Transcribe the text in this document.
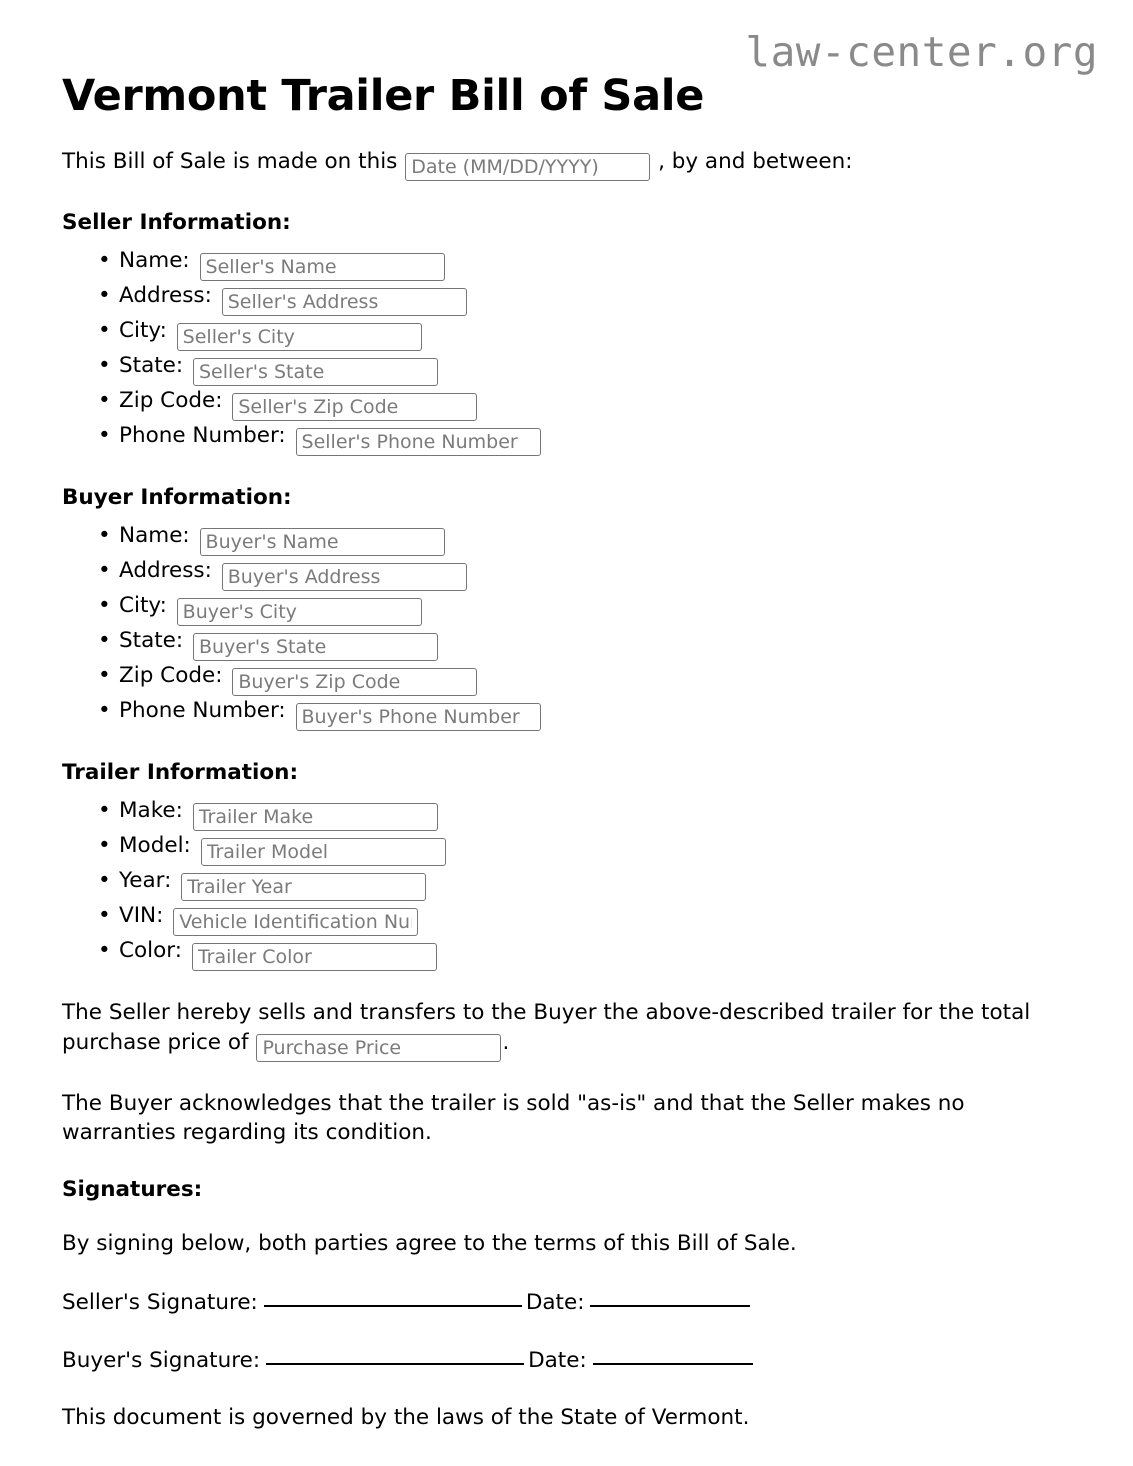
law-center.org
Vermont Trailer Bill of Sale

This Bill of Sale is made on this Date (MM/DD/YYYY)	, by and between:

Seller Information:
• Name: Seller's Name
• Address: Seller's Address
• City: Seller's City
• State: Seller's State
• Zip Code: Seller's Zip Code
• Phone Number: Seller's Phone Number
Buyer Information:
• Name: Buyer's Name
• Address: Buyer's Address
• City: Buyer's City
• State: Buyer's State
• Zip Code: Buyer's Zip Code
• Phone Number: Buyer's Phone Number
Trailer Information:
• Make: Trailer Make
• Model: Trailer Model
• Year: Trailer Year
• VIN: Vehicle Identification Number
• Color: Trailer Color

The Seller hereby sells and transfers to the Buyer the above-described trailer for the total purchase price of Purchase Price	.

The Buyer acknowledges that the trailer is sold "as-is" and that the Seller makes no warranties regarding its condition.

Signatures:

By signing below, both parties agree to the terms of this Bill of Sale.

Seller's Signature:	Date:

Buyer's Signature:	Date:

This document is governed by the laws of the State of Vermont.
